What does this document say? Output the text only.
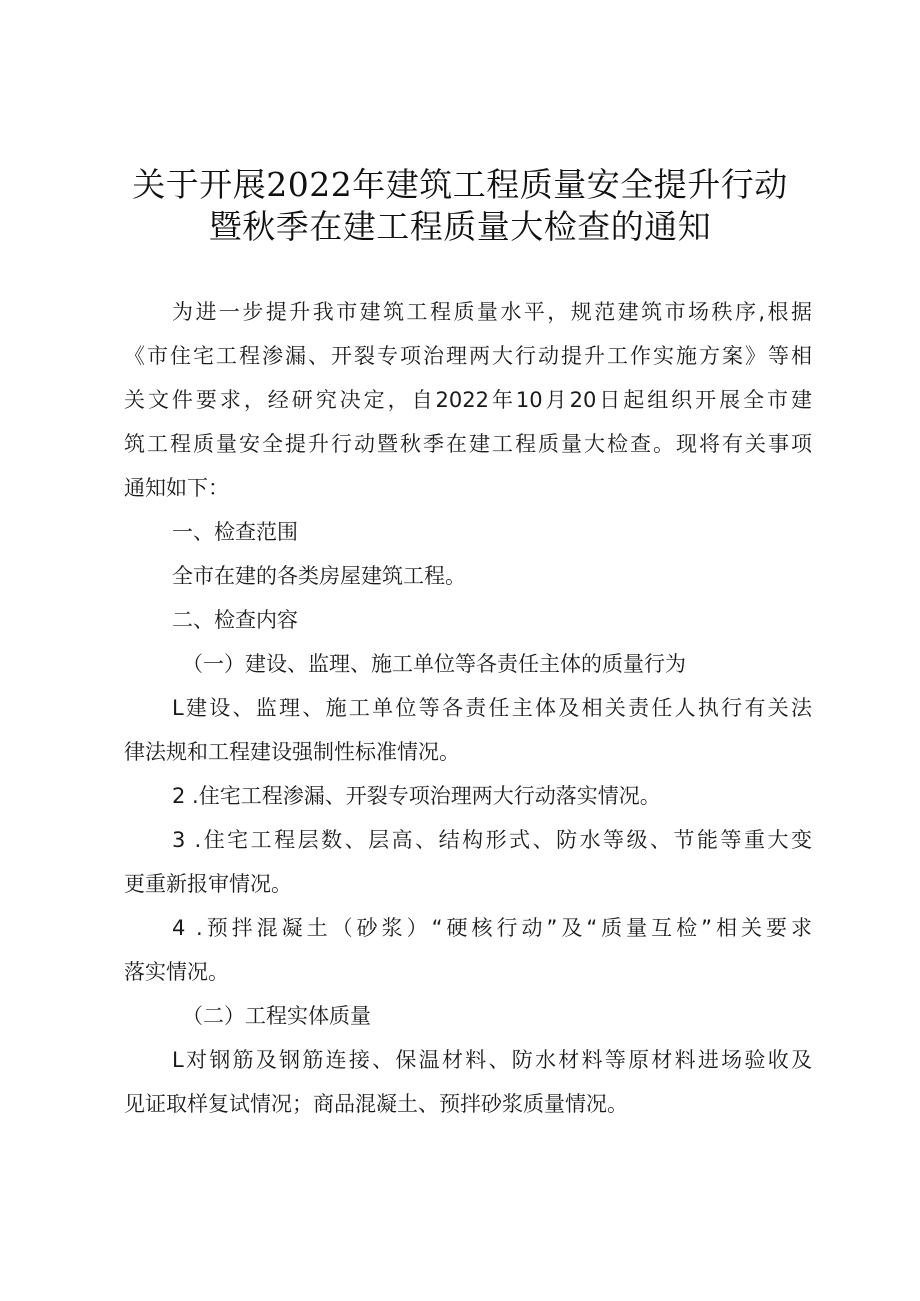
关于开展2022年建筑工程质量安全提升行动
暨秋季在建工程质量大检查的通知
为进一步提升我市建筑工程质量水平，规范建筑市场秩序,根据
《市住宅工程渗漏、开裂专项治理两大行动提升工作实施方案》等相
关文件要求，经研究决定，自2022年10月20日起组织开展全市建
筑工程质量安全提升行动暨秋季在建工程质量大检查。现将有关事项
通知如下：
一、检查范围
全市在建的各类房屋建筑工程。
二、检查内容
（一）建设、监理、施工单位等各责任主体的质量行为
L建设、监理、施工单位等各责任主体及相关责任人执行有关法
律法规和工程建设强制性标准情况。
2 .住宅工程渗漏、开裂专项治理两大行动落实情况。
3 .住宅工程层数、层高、结构形式、防水等级、节能等重大变
更重新报审情况。
4 .预拌混凝土（砂浆）“硬核行动”及“质量互检”相关要求
落实情况。
（二）工程实体质量
L对钢筋及钢筋连接、保温材料、防水材料等原材料进场验收及
见证取样复试情况；商品混凝土、预拌砂浆质量情况。
